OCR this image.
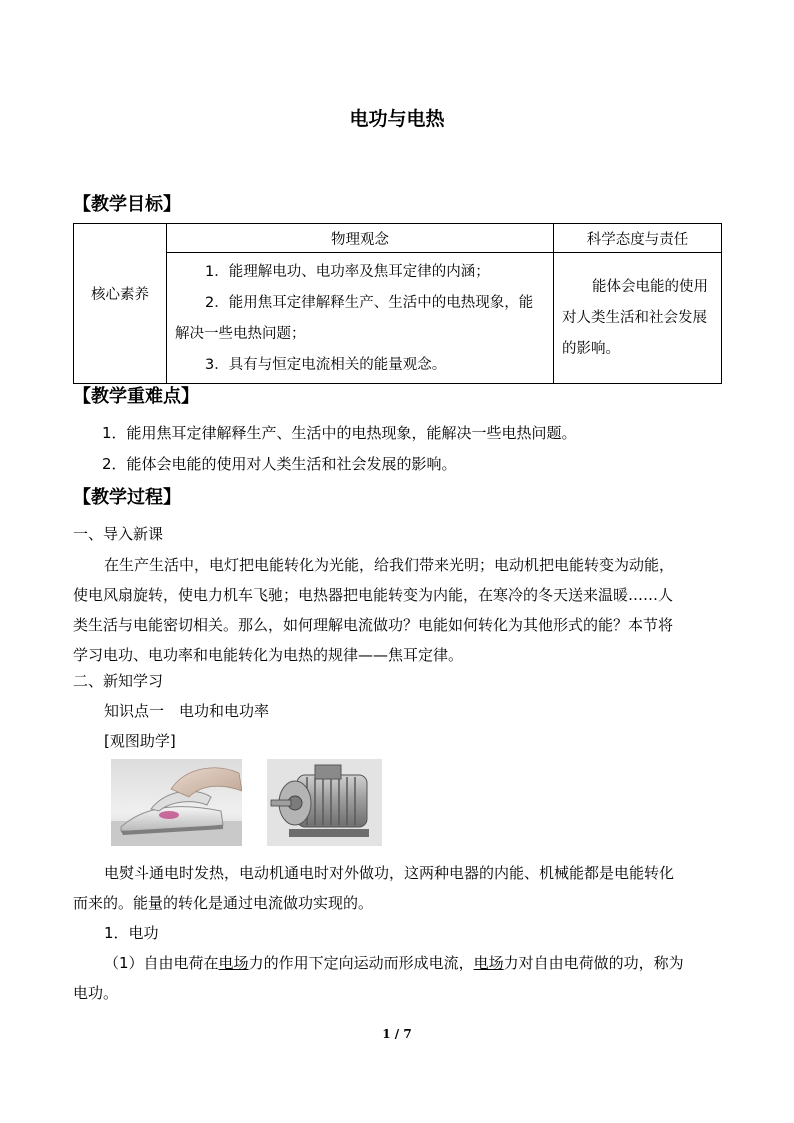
电功与电热
【教学目标】
	物理观念	科学态度与责任
核心素养	1．能理解电功、电功率及焦耳定律的内涵；
2．能用焦耳定律解释生产、生活中的电热现象，能解决一些电热问题；
3．具有与恒定电流相关的能量观念。	能体会电能的使用对人类生活和社会发展的影响。
【教学重难点】
1．能用焦耳定律解释生产、生活中的电热现象，能解决一些电热问题。
2．能体会电能的使用对人类生活和社会发展的影响。
【教学过程】
一、导入新课
在生产生活中，电灯把电能转化为光能，给我们带来光明；电动机把电能转变为动能，
使电风扇旋转，使电力机车飞驰；电热器把电能转变为内能，在寒冷的冬天送来温暖……人
类生活与电能密切相关。那么，如何理解电流做功？电能如何转化为其他形式的能？本节将
学习电功、电功率和电能转化为电热的规律——焦耳定律。
二、新知学习
知识点一　电功和电功率
[观图助学]
电熨斗通电时发热，电动机通电时对外做功，这两种电器的内能、机械能都是电能转化
而来的。能量的转化是通过电流做功实现的。
1．电功
（1）自由电荷在电场力的作用下定向运动而形成电流，电场力对自由电荷做的功，称为
电功。
1 / 7
